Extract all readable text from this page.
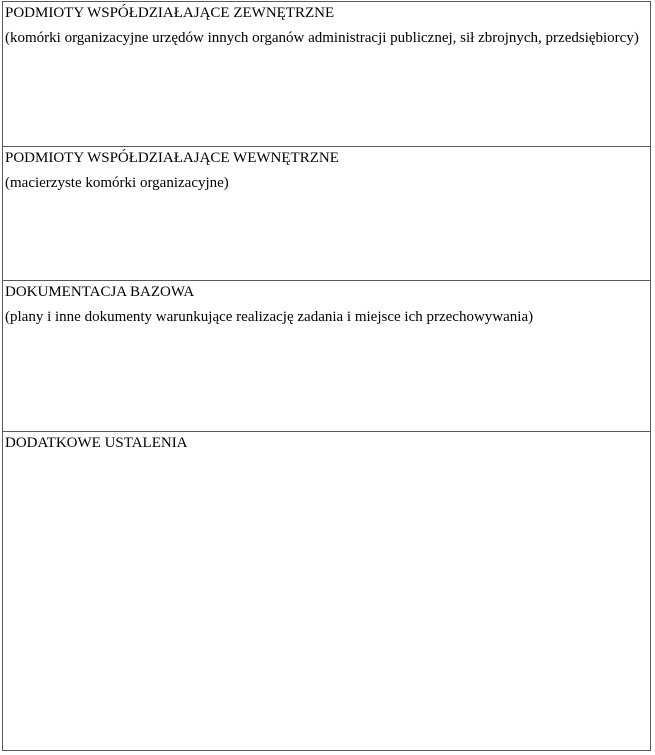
PODMIOTY WSPÓŁDZIAŁAJĄCE ZEWNĘTRZNE
(komórki organizacyjne urzędów innych organów administracji publicznej, sił zbrojnych, przedsiębiorcy)
PODMIOTY WSPÓŁDZIAŁAJĄCE WEWNĘTRZNE
(macierzyste komórki organizacyjne)
DOKUMENTACJA BAZOWA
(plany i inne dokumenty warunkujące realizację zadania i miejsce ich przechowywania)
DODATKOWE USTALENIA
